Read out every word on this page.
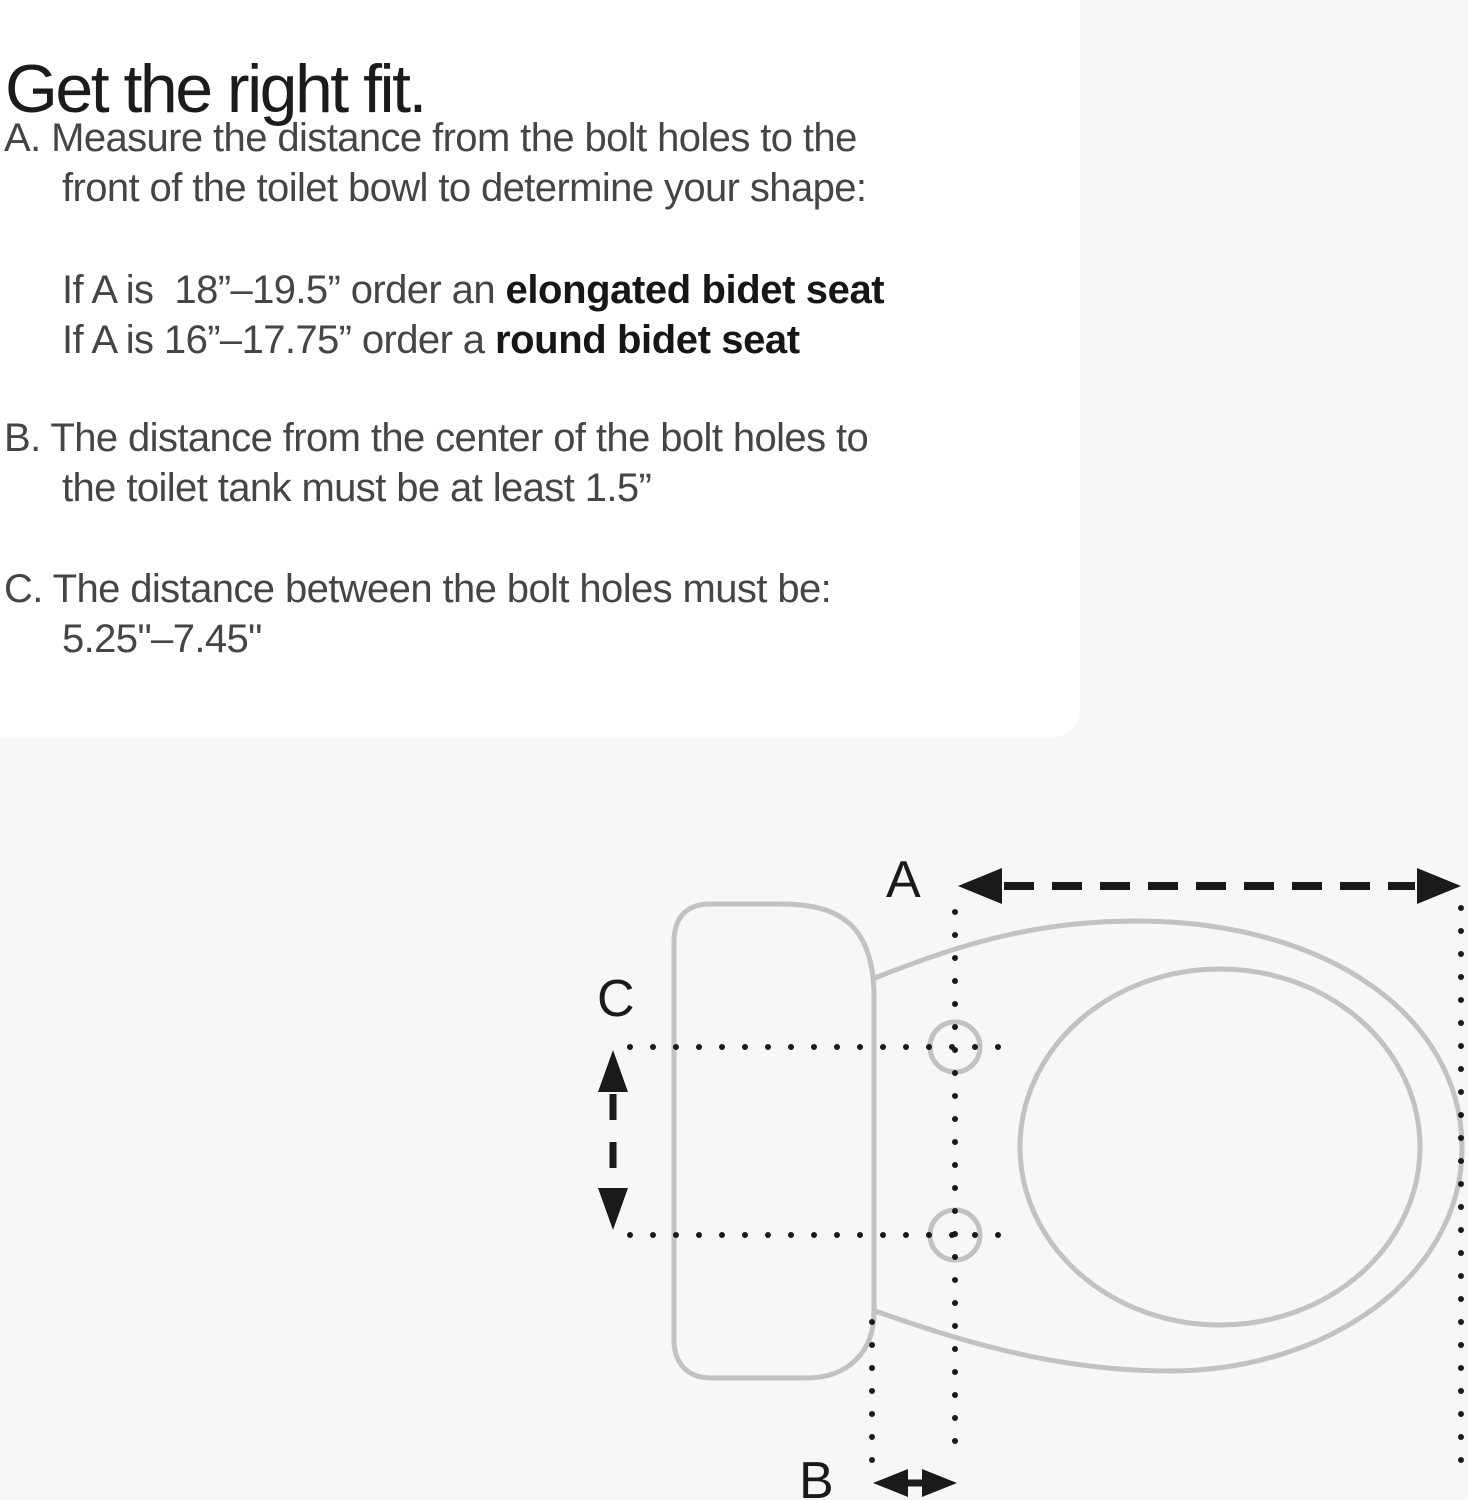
Get the right fit.
A. Measure the distance from the bolt holes to the
front of the toilet bowl to determine your shape:
If A is  18”–19.5” order an elongated bidet seat
If A is 16”–17.75” order a round bidet seat
B. The distance from the center of the bolt holes to
the toilet tank must be at least 1.5”
C. The distance between the bolt holes must be:
5.25"–7.45"
A
C
B
